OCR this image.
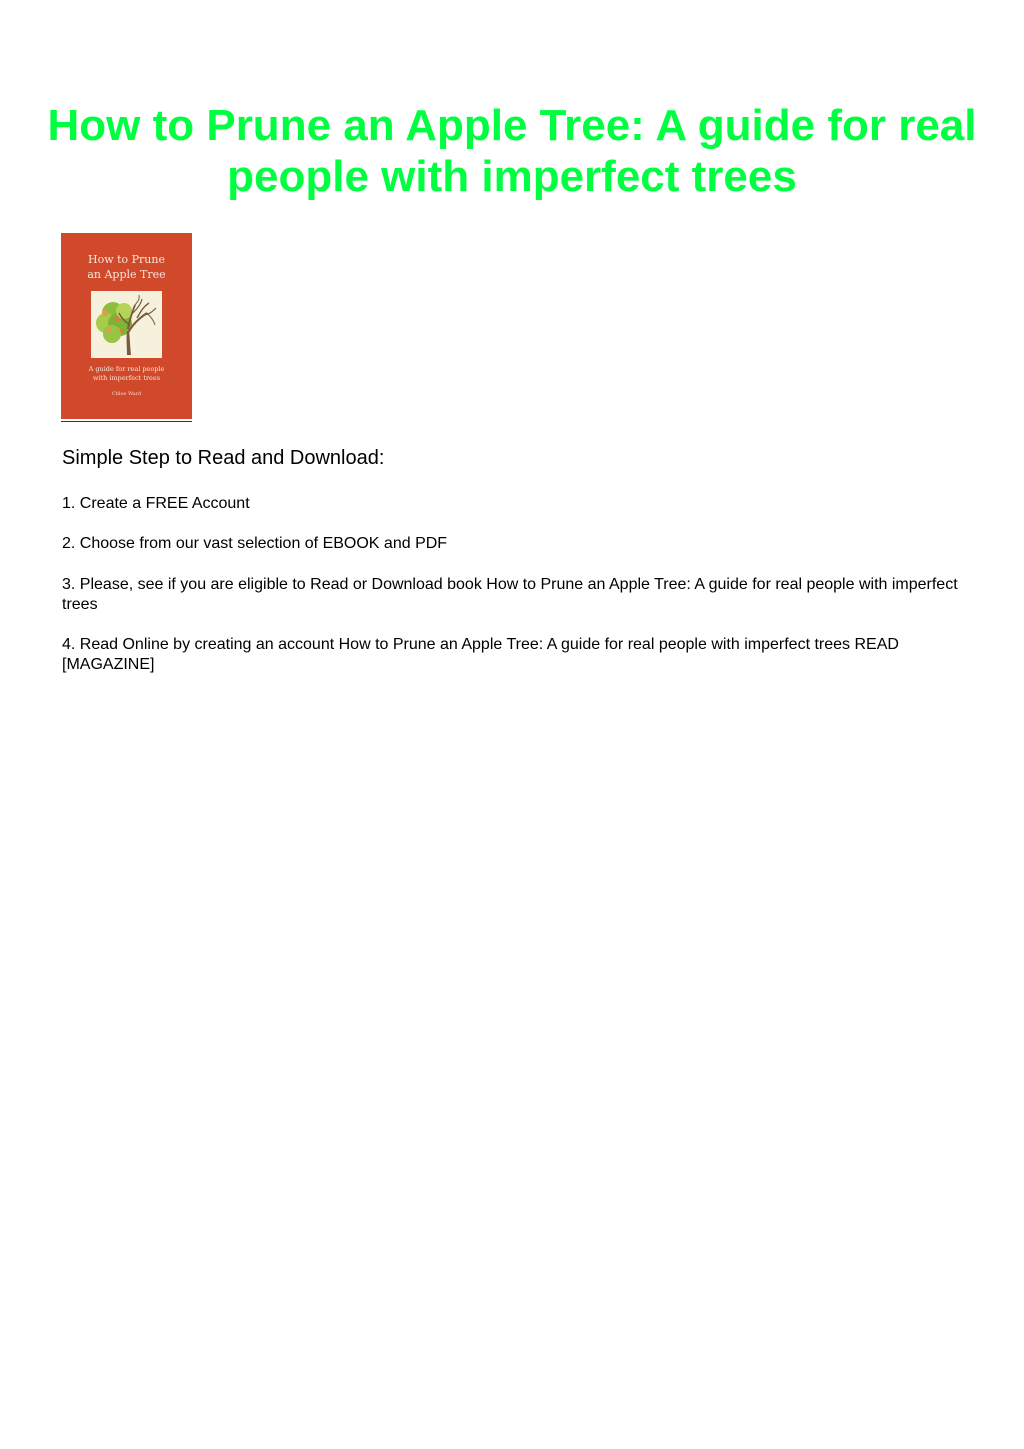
How to Prune an Apple Tree: A guide for real people with imperfect trees
How to Prune
an Apple Tree
A guide for real people
with imperfect trees
Chloe Ward
Simple Step to Read and Download:

1. Create a FREE Account

2. Choose from our vast selection of EBOOK and PDF

3. Please, see if you are eligible to Read or Download book How to Prune an Apple Tree: A guide for real people with imperfect trees

4. Read Online by creating an account How to Prune an Apple Tree: A guide for real people with imperfect trees READ [MAGAZINE]
